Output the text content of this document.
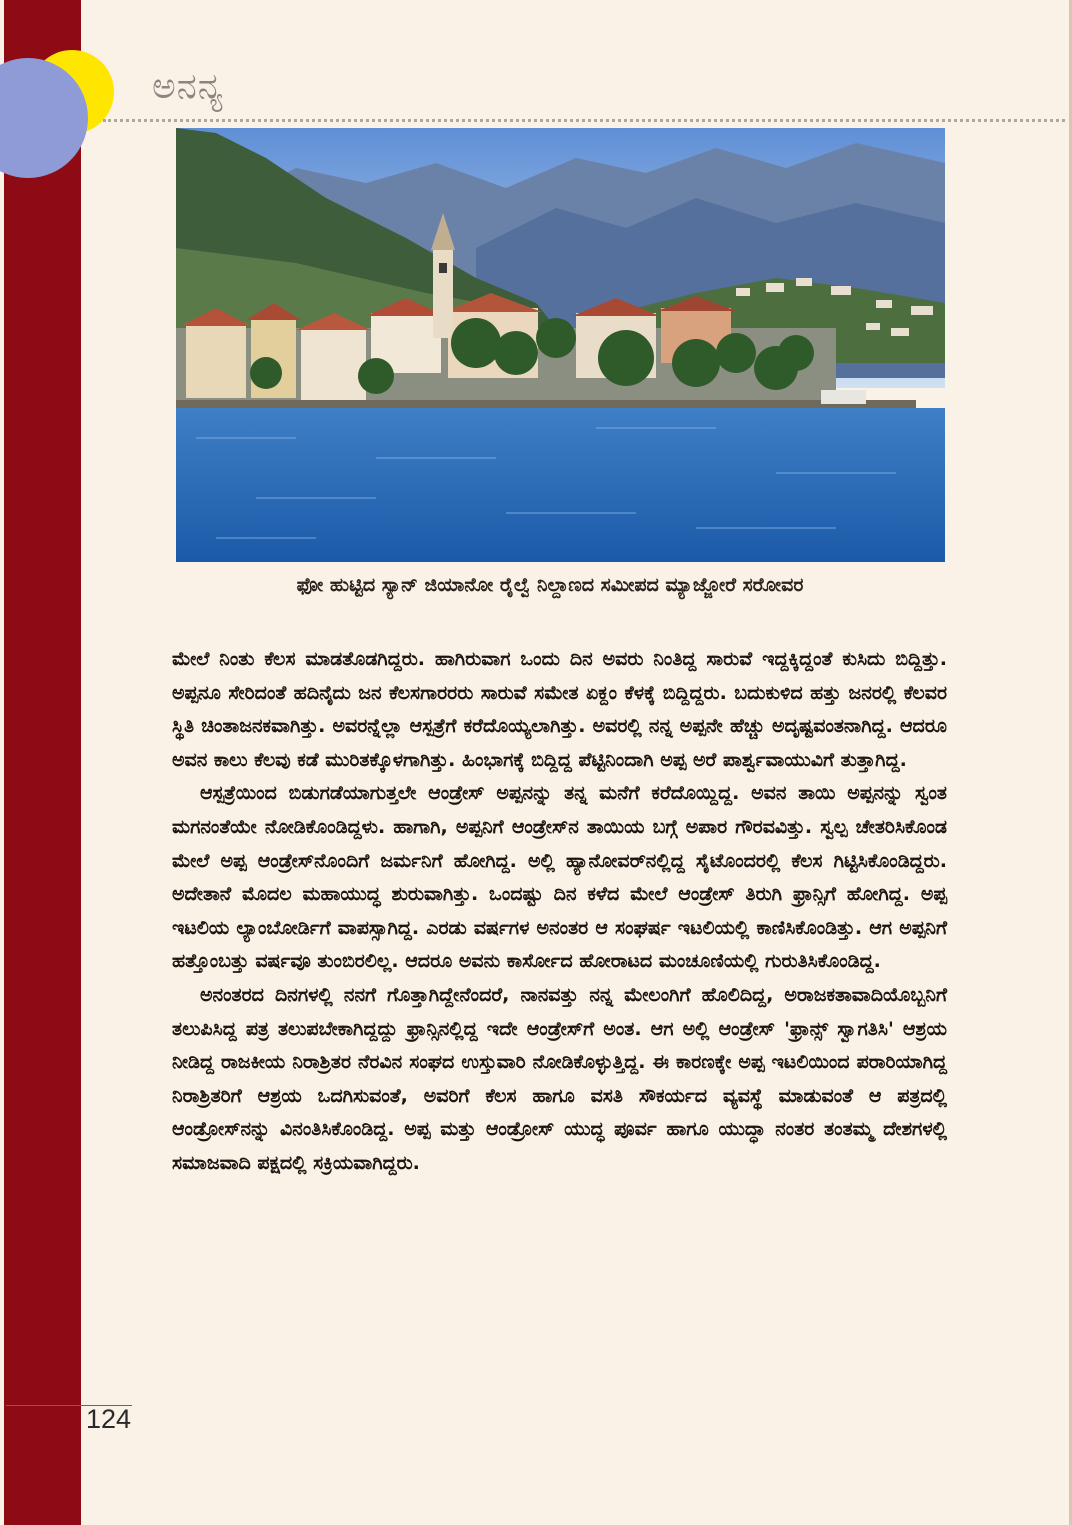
ಅನನ್ಯ
ಫೋ ಹುಟ್ಟಿದ ಸ್ಯಾನ್ ಜಿಯಾನೋ ರೈಲ್ವೆ ನಿಲ್ದಾಣದ ಸಮೀಪದ ಮ್ಯಾಜ್ಜೋರೆ ಸರೋವರ

ಮೇಲೆ ನಿಂತು ಕೆಲಸ ಮಾಡತೊಡಗಿದ್ದರು. ಹಾಗಿರುವಾಗ ಒಂದು ದಿನ ಅವರು ನಿಂತಿದ್ದ ಸಾರುವೆ ಇದ್ದಕ್ಕಿದ್ದಂತೆ ಕುಸಿದು ಬಿದ್ದಿತ್ತು. ಅಪ್ಪನೂ ಸೇರಿದಂತೆ ಹದಿನೈದು ಜನ ಕೆಲಸಗಾರರರು ಸಾರುವೆ ಸಮೇತ ಏಕ್ದಂ ಕೆಳಕ್ಕೆ ಬಿದ್ದಿದ್ದರು. ಬದುಕುಳಿದ ಹತ್ತು ಜನರಲ್ಲಿ ಕೆಲವರ ಸ್ಥಿತಿ ಚಿಂತಾಜನಕವಾಗಿತ್ತು. ಅವರನ್ನೆಲ್ಲಾ ಆಸ್ಪತ್ರೆಗೆ ಕರೆದೊಯ್ಯಲಾಗಿತ್ತು. ಅವರಲ್ಲಿ ನನ್ನ ಅಪ್ಪನೇ ಹೆಚ್ಚು ಅದೃಷ್ಟವಂತನಾಗಿದ್ದ. ಆದರೂ ಅವನ ಕಾಲು ಕೆಲವು ಕಡೆ ಮುರಿತಕ್ಕೊಳಗಾಗಿತ್ತು. ಹಿಂಭಾಗಕ್ಕೆ ಬಿದ್ದಿದ್ದ ಪೆಟ್ಟಿನಿಂದಾಗಿ ಅಪ್ಪ ಅರೆ ಪಾರ್ಶ್ವವಾಯುವಿಗೆ ತುತ್ತಾಗಿದ್ದ.

ಆಸ್ಪತ್ರೆಯಿಂದ ಬಿಡುಗಡೆಯಾಗುತ್ತಲೇ ಆಂಡ್ರೇಸ್ ಅಪ್ಪನನ್ನು ತನ್ನ ಮನೆಗೆ ಕರೆದೊಯ್ದಿದ್ದ. ಅವನ ತಾಯಿ ಅಪ್ಪನನ್ನು ಸ್ವಂತ ಮಗನಂತೆಯೇ ನೋಡಿಕೊಂಡಿದ್ದಳು. ಹಾಗಾಗಿ, ಅಪ್ಪನಿಗೆ ಆಂಡ್ರೇಸ್‌ನ ತಾಯಿಯ ಬಗ್ಗೆ ಅಪಾರ ಗೌರವವಿತ್ತು. ಸ್ವಲ್ಪ ಚೇತರಿಸಿಕೊಂಡ ಮೇಲೆ ಅಪ್ಪ ಆಂಡ್ರೇಸ್‌ನೊಂದಿಗೆ ಜರ್ಮನಿಗೆ ಹೋಗಿದ್ದ. ಅಲ್ಲಿ ಹ್ಯಾನೋವರ್‌ನಲ್ಲಿದ್ದ ಸೈಟೊಂದರಲ್ಲಿ ಕೆಲಸ ಗಿಟ್ಟಿಸಿಕೊಂಡಿದ್ದರು. ಅದೇತಾನೆ ಮೊದಲ ಮಹಾಯುದ್ಧ ಶುರುವಾಗಿತ್ತು. ಒಂದಷ್ಟು ದಿನ ಕಳೆದ ಮೇಲೆ ಆಂಡ್ರೇಸ್ ತಿರುಗಿ ಫ್ರಾನ್ಸಿಗೆ ಹೋಗಿದ್ದ. ಅಪ್ಪ ಇಟಲಿಯ ಲ್ಯಾಂಬೋರ್ಡಿಗೆ ವಾಪಸ್ಸಾಗಿದ್ದ. ಎರಡು ವರ್ಷಗಳ ಅನಂತರ ಆ ಸಂಘರ್ಷ ಇಟಲಿಯಲ್ಲಿ ಕಾಣಿಸಿಕೊಂಡಿತ್ತು. ಆಗ ಅಪ್ಪನಿಗೆ ಹತ್ತೊಂಬತ್ತು ವರ್ಷವೂ ತುಂಬಿರಲಿಲ್ಲ. ಆದರೂ ಅವನು ಕಾರ್ಸೋದ ಹೋರಾಟದ ಮಂಚೂಣಿಯಲ್ಲಿ ಗುರುತಿಸಿಕೊಂಡಿದ್ದ.

ಅನಂತರದ ದಿನಗಳಲ್ಲಿ ನನಗೆ ಗೊತ್ತಾಗಿದ್ದೇನೆಂದರೆ, ನಾನವತ್ತು ನನ್ನ ಮೇಲಂಗಿಗೆ ಹೊಲಿದಿದ್ದ, ಅರಾಜಕತಾವಾದಿಯೊಬ್ಬನಿಗೆ ತಲುಪಿಸಿದ್ದ ಪತ್ರ ತಲುಪಬೇಕಾಗಿದ್ದದ್ದು ಫ್ರಾನ್ಸಿನಲ್ಲಿದ್ದ ಇದೇ ಆಂಡ್ರೇಸ್‌ಗೆ ಅಂತ. ಆಗ ಅಲ್ಲಿ ಆಂಡ್ರೇಸ್ 'ಫ್ರಾನ್ಸ್ ಸ್ವಾಗತಿಸಿ' ಆಶ್ರಯ ನೀಡಿದ್ದ ರಾಜಕೀಯ ನಿರಾಶ್ರಿತರ ನೆರವಿನ ಸಂಘದ ಉಸ್ತುವಾರಿ ನೋಡಿಕೊಳ್ಳುತ್ತಿದ್ದ. ಈ ಕಾರಣಕ್ಕೇ ಅಪ್ಪ ಇಟಲಿಯಿಂದ ಪರಾರಿಯಾಗಿದ್ದ ನಿರಾಶ್ರಿತರಿಗೆ ಆಶ್ರಯ ಒದಗಿಸುವಂತೆ, ಅವರಿಗೆ ಕೆಲಸ ಹಾಗೂ ವಸತಿ ಸೌಕರ್ಯದ ವ್ಯವಸ್ಥೆ ಮಾಡುವಂತೆ ಆ ಪತ್ರದಲ್ಲಿ ಆಂಡ್ರೋಸ್‌ನನ್ನು ವಿನಂತಿಸಿಕೊಂಡಿದ್ದ. ಅಪ್ಪ ಮತ್ತು ಆಂಡ್ರೋಸ್ ಯುದ್ಧ ಪೂರ್ವ ಹಾಗೂ ಯುದ್ಧಾ ನಂತರ ತಂತಮ್ಮ ದೇಶಗಳಲ್ಲಿ ಸಮಾಜವಾದಿ ಪಕ್ಷದಲ್ಲಿ ಸಕ್ರಿಯವಾಗಿದ್ದರು.

124
